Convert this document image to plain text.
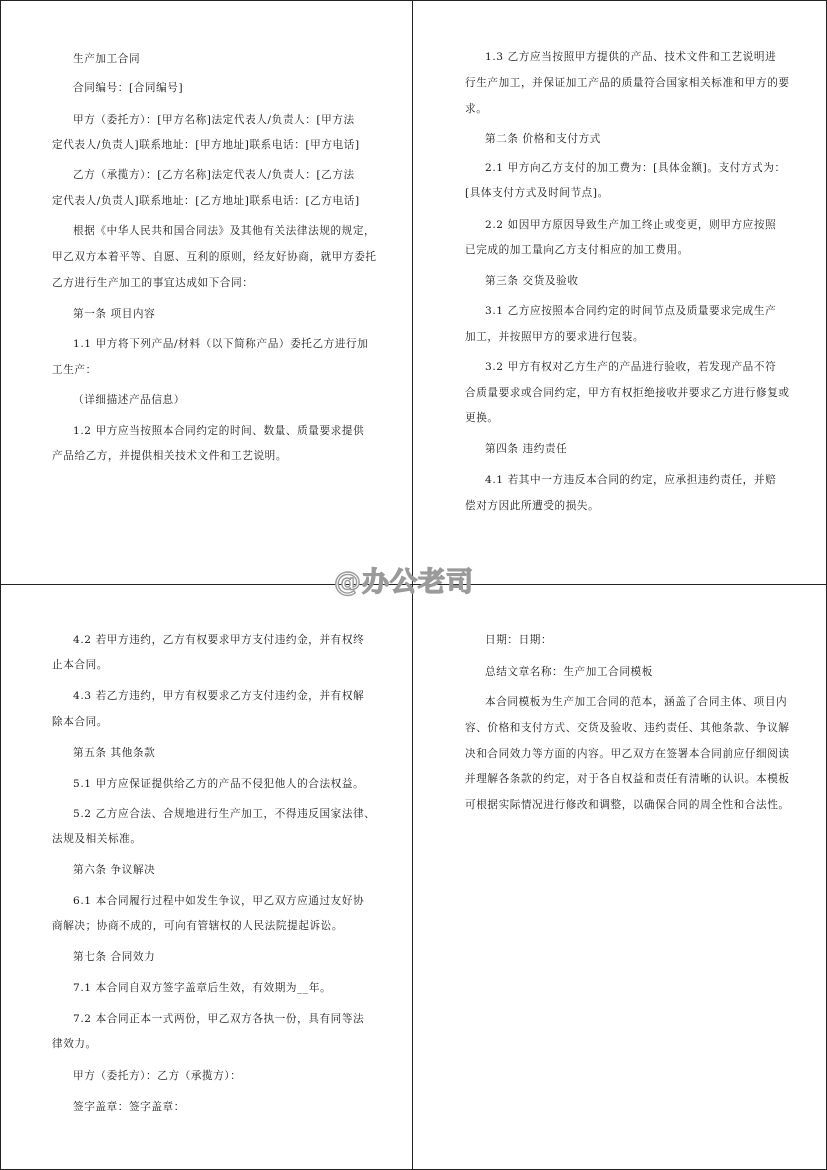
生产加工合同
合同编号：[合同编号]
甲方（委托方）：[甲方名称]法定代表人/负责人：[甲方法
定代表人/负责人]联系地址：[甲方地址]联系电话：[甲方电话]
乙方（承揽方）：[乙方名称]法定代表人/负责人：[乙方法
定代表人/负责人]联系地址：[乙方地址]联系电话：[乙方电话]
根据《中华人民共和国合同法》及其他有关法律法规的规定，
甲乙双方本着平等、自愿、互利的原则，经友好协商，就甲方委托
乙方进行生产加工的事宜达成如下合同：
第一条 项目内容
1.1 甲方将下列产品/材料（以下简称产品）委托乙方进行加
工生产：
（详细描述产品信息）
1.2 甲方应当按照本合同约定的时间、数量、质量要求提供
产品给乙方，并提供相关技术文件和工艺说明。
1.3 乙方应当按照甲方提供的产品、技术文件和工艺说明进
行生产加工，并保证加工产品的质量符合国家相关标准和甲方的要
求。
第二条 价格和支付方式
2.1 甲方向乙方支付的加工费为：[具体金额]。支付方式为：
[具体支付方式及时间节点]。
2.2 如因甲方原因导致生产加工终止或变更，则甲方应按照
已完成的加工量向乙方支付相应的加工费用。
第三条 交货及验收
3.1 乙方应按照本合同约定的时间节点及质量要求完成生产
加工，并按照甲方的要求进行包装。
3.2 甲方有权对乙方生产的产品进行验收，若发现产品不符
合质量要求或合同约定，甲方有权拒绝接收并要求乙方进行修复或
更换。
第四条 违约责任
4.1 若其中一方违反本合同的约定，应承担违约责任，并赔
偿对方因此所遭受的损失。
4.2 若甲方违约，乙方有权要求甲方支付违约金，并有权终
止本合同。
4.3 若乙方违约，甲方有权要求乙方支付违约金，并有权解
除本合同。
第五条 其他条款
5.1 甲方应保证提供给乙方的产品不侵犯他人的合法权益。
5.2 乙方应合法、合规地进行生产加工，不得违反国家法律、
法规及相关标准。
第六条 争议解决
6.1 本合同履行过程中如发生争议，甲乙双方应通过友好协
商解决；协商不成的，可向有管辖权的人民法院提起诉讼。
第七条 合同效力
7.1 本合同自双方签字盖章后生效，有效期为__年。
7.2 本合同正本一式两份，甲乙双方各执一份，具有同等法
律效力。
甲方（委托方）：乙方（承揽方）：
签字盖章：签字盖章：
日期：日期：
总结文章名称：生产加工合同模板
本合同模板为生产加工合同的范本，涵盖了合同主体、项目内
容、价格和支付方式、交货及验收、违约责任、其他条款、争议解
决和合同效力等方面的内容。甲乙双方在签署本合同前应仔细阅读
并理解各条款的约定，对于各自权益和责任有清晰的认识。本模板
可根据实际情况进行修改和调整，以确保合同的周全性和合法性。
@办公老司
